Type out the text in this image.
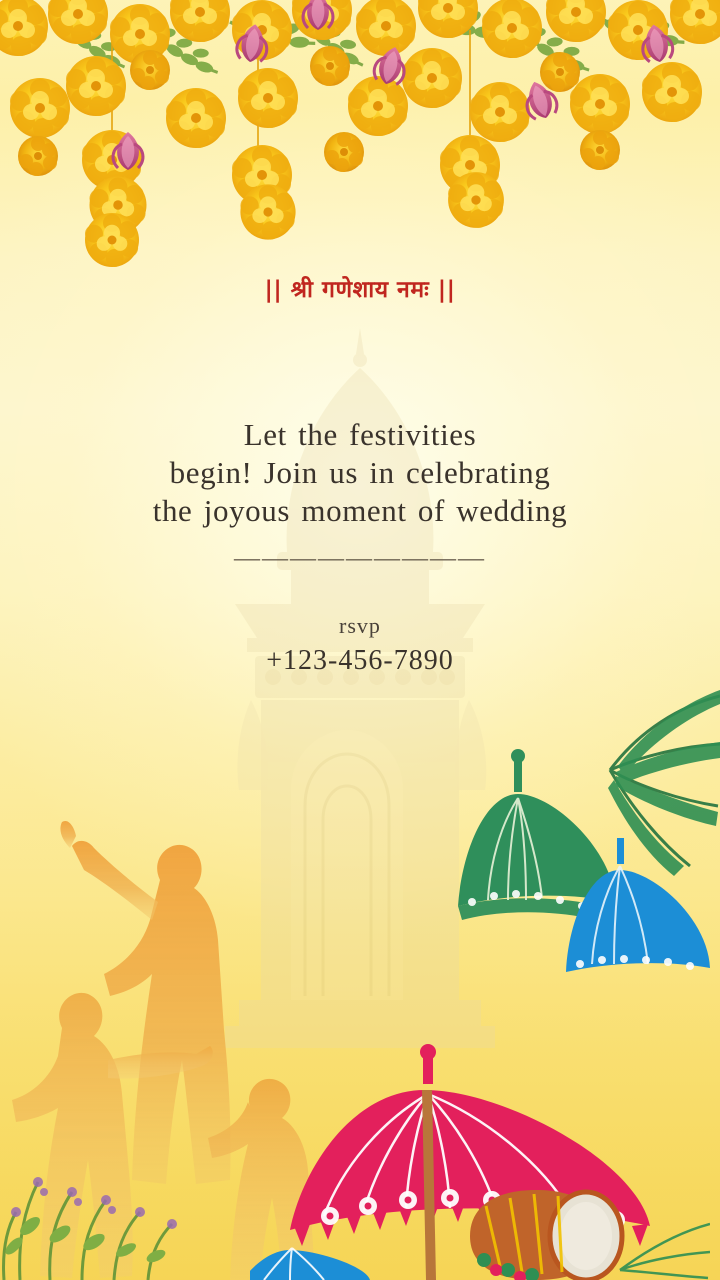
|| श्री गणेशाय नमः ||
Let the festivities
begin! Join us in celebrating
the joyous moment of wedding
—————————
rsvp
+123-456-7890
